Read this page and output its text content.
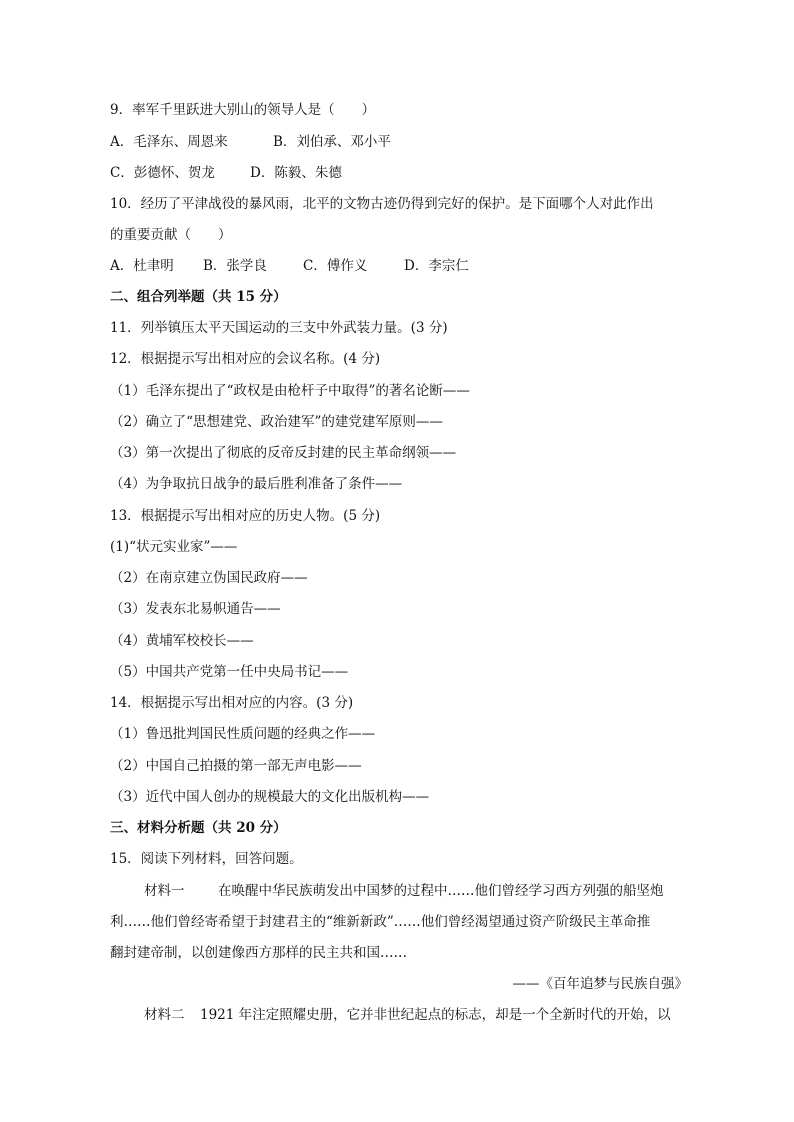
9．率军千里跃进大别山的领导人是（　　）
A．毛泽东、周恩来	B．刘伯承、邓小平
C．彭德怀、贺龙	D．陈毅、朱德
10．经历了平津战役的暴风雨，北平的文物古迹仍得到完好的保护。是下面哪个人对此作出
的重要贡献（　　）
A．杜聿明 B．张学良	C．傅作义	D．李宗仁
二、组合列举题（共 15 分）
11．列举镇压太平天国运动的三支中外武装力量。(3 分)
12．根据提示写出相对应的会议名称。(4 分)
（1）毛泽东提出了“政权是由枪杆子中取得”的著名论断——
（2）确立了“思想建党、政治建军”的建党建军原则——
（3）第一次提出了彻底的反帝反封建的民主革命纲领——
（4）为争取抗日战争的最后胜利准备了条件——
13．根据提示写出相对应的历史人物。(5 分)
(1)“状元实业家”——
（2）在南京建立伪国民政府——
（3）发表东北易帜通告——
（4）黄埔军校校长——
（5）中国共产党第一任中央局书记——
14．根据提示写出相对应的内容。(3 分)
（1）鲁迅批判国民性质问题的经典之作——
（2）中国自己拍摄的第一部无声电影——
（3）近代中国人创办的规模最大的文化出版机构——
三、材料分析题（共 20 分）
15．阅读下列材料，回答问题。
材料一 在唤醒中华民族萌发出中国梦的过程中……他们曾经学习西方列强的船坚炮
利……他们曾经寄希望于封建君主的“维新新政”……他们曾经渴望通过资产阶级民主革命推
翻封建帝制，以创建像西方那样的民主共和国……
——《百年追梦与民族自强》
材料二 1921 年注定照耀史册，它并非世纪起点的标志，却是一个全新时代的开始，以
